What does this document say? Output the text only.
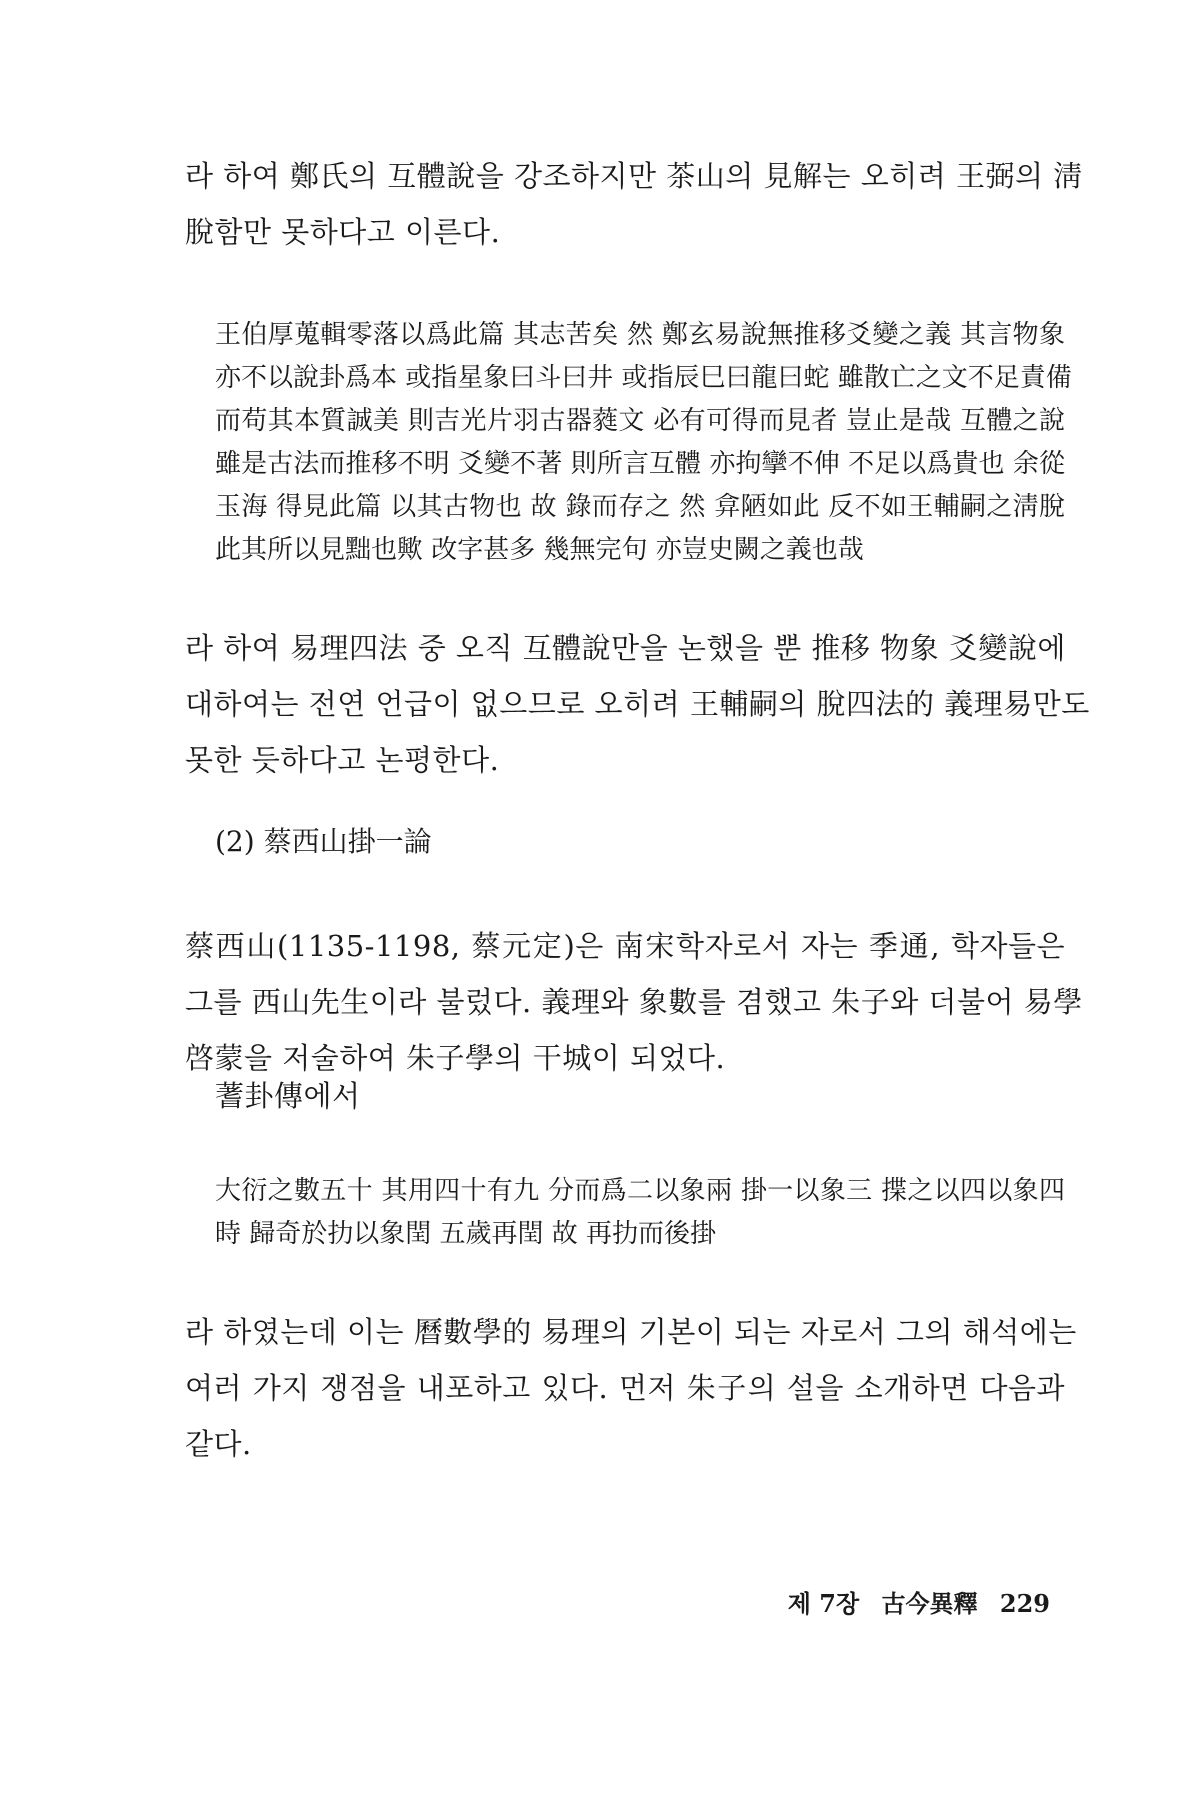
라 하여 鄭氏의 互體說을 강조하지만 茶山의 見解는 오히려 王弼의 淸
脫함만 못하다고 이른다.
王伯厚蒐輯零落以爲此篇 其志苦矣 然 鄭玄易說無推移爻變之義 其言物象
亦不以說卦爲本 或指星象曰斗曰井 或指辰巳曰龍曰蛇 雖散亡之文不足責備
而苟其本質誠美 則吉光片羽古器蕤文 必有可得而見者 豈止是哉 互體之說
雖是古法而推移不明 爻變不著 則所言互體 亦拘攣不伸 不足以爲貴也 余從
玉海 得見此篇 以其古物也 故 錄而存之 然 弇陋如此 反不如王輔嗣之淸脫
此其所以見黜也歟 改字甚多 幾無完句 亦豈史闕之義也哉
라 하여 易理四法 중 오직 互體說만을 논했을 뿐 推移 物象 爻變說에
대하여는 전연 언급이 없으므로 오히려 王輔嗣의 脫四法的 義理易만도
못한 듯하다고 논평한다.
(2) 蔡西山掛一論
蔡西山(1135-1198, 蔡元定)은 南宋학자로서 자는 季通, 학자들은
그를 西山先生이라 불렀다. 義理와 象數를 겸했고 朱子와 더불어 易學
啓蒙을 저술하여 朱子學의 干城이 되었다.
蓍卦傳에서
大衍之數五十 其用四十有九 分而爲二以象兩 掛一以象三 揲之以四以象四
時 歸奇於扐以象閏 五歲再閏 故 再扐而後掛
라 하였는데 이는 曆數學的 易理의 기본이 되는 자로서 그의 해석에는
여러 가지 쟁점을 내포하고 있다. 먼저 朱子의 설을 소개하면 다음과
같다.
제 7장 古今異釋 229
